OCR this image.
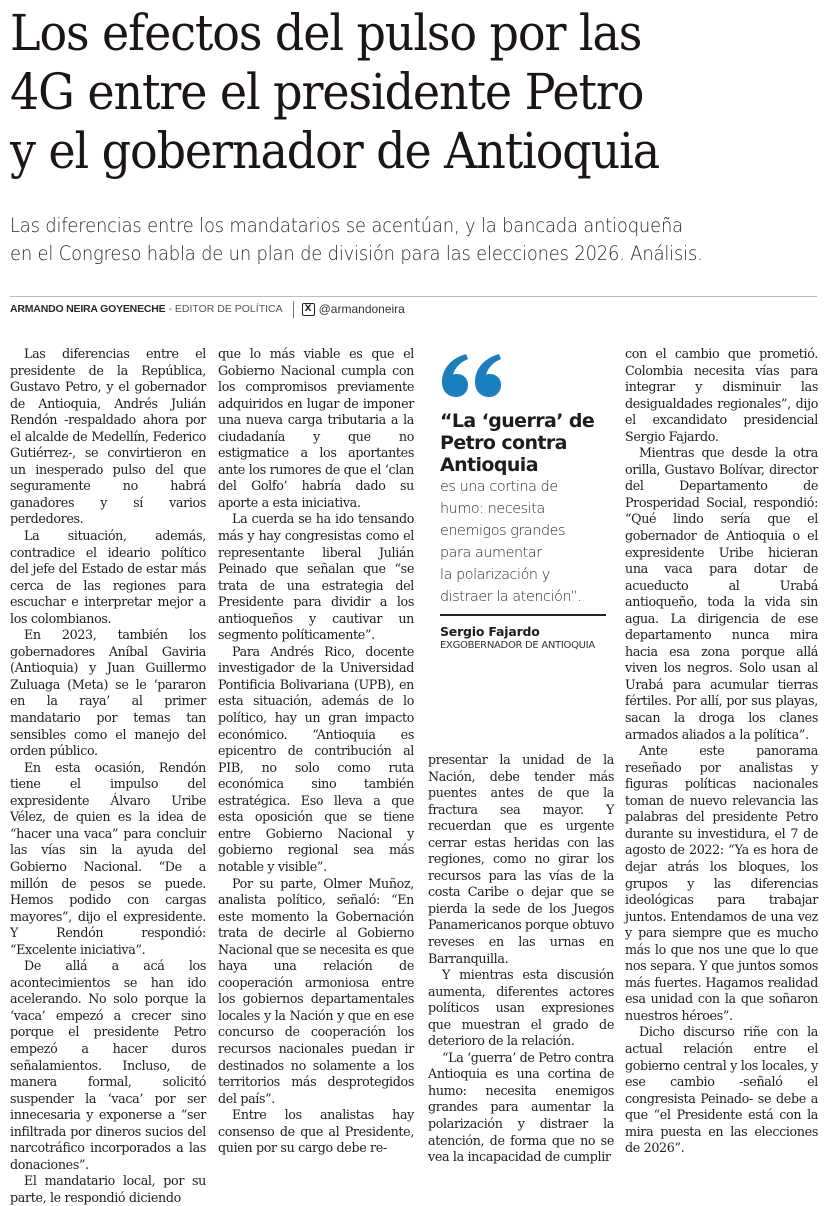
Los efectos del pulso por las
4G entre el presidente Petro
y el gobernador de Antioquia
Las diferencias entre los mandatarios se acentúan, y la bancada antioqueña
en el Congreso habla de un plan de división para las elecciones 2026. Análisis.
ARMANDO NEIRA GOYENECHE - EDITOR DE POLÍTICA	X @armandoneira

Las diferencias entre el presidente de la República, Gustavo Petro, y el gobernador de Antioquia, Andrés Julián Rendón -respaldado ahora por el alcalde de Medellín, Federico Gutiérrez-, se convirtieron en un inesperado pulso del que seguramente no habrá ganadores y sí varios perdedores.

La situación, además, contradice el ideario político del jefe del Estado de estar más cerca de las regiones para escuchar e interpretar mejor a los colombianos.

En 2023, también los gobernadores Aníbal Gaviria (Antioquia) y Juan Guillermo Zuluaga (Meta) se le ‘pararon en la raya’ al primer mandatario por temas tan sensibles como el manejo del orden público.

En esta ocasión, Rendón tiene el impulso del expresidente Álvaro Uribe Vélez, de quien es la idea de “hacer una vaca” para concluir las vías sin la ayuda del Gobierno Nacional. “De a millón de pesos se puede. Hemos podido con cargas mayores”, dijo el expresidente. Y Rendón respondió: “Excelente iniciativa”.

De allá a acá los acontecimientos se han ido acelerando. No solo porque la ‘vaca’ empezó a crecer sino porque el presidente Petro empezó a hacer duros señalamientos. Incluso, de manera formal, solicitó suspender la ‘vaca’ por ser innecesaria y exponerse a “ser infiltrada por dineros sucios del narcotráfico incorporados a las donaciones”.

El mandatario local, por su parte, le respondió diciendo

que lo más viable es que el Gobierno Nacional cumpla con los compromisos previamente adquiridos en lugar de imponer una nueva carga tributaria a la ciudadanía y que no estigmatice a los aportantes ante los rumores de que el ‘clan del Golfo’ habría dado su aporte a esta iniciativa.

La cuerda se ha ido tensando más y hay congresistas como el representante liberal Julián Peinado que señalan que “se trata de una estrategia del Presidente para dividir a los antioqueños y cautivar un segmento políticamente”.

Para Andrés Rico, docente investigador de la Universidad Pontificia Bolivariana (UPB), en esta situación, además de lo político, hay un gran impacto económico. “Antioquia es epicentro de contribución al PIB, no solo como ruta económica sino también estratégica. Eso lleva a que esta oposición que se tiene entre Gobierno Nacional y gobierno regional sea más notable y visible”.

Por su parte, Olmer Muñoz, analista político, señaló: “En este momento la Gobernación trata de decirle al Gobierno Nacional que se necesita es que haya una relación de cooperación armoniosa entre los gobiernos departamentales locales y la Nación y que en ese concurso de cooperación los recursos nacionales puedan ir destinados no solamente a los territorios más desprotegidos del país”.

Entre los analistas hay consenso de que al Presidente, quien por su cargo debe re-

“La ‘guerra’ de
Petro contra
Antioquia
es una cortina de
humo: necesita
enemigos grandes
para aumentar
la polarización y
distraer la atención”.
Sergio Fajardo
EXGOBERNADOR DE ANTIOQUIA

presentar la unidad de la Nación, debe tender más puentes antes de que la fractura sea mayor. Y recuerdan que es urgente cerrar estas heridas con las regiones, como no girar los recursos para las vías de la costa Caribe o dejar que se pierda la sede de los Juegos Panamericanos porque obtuvo reveses en las urnas en Barranquilla.

Y mientras esta discusión aumenta, diferentes actores políticos usan expresiones que muestran el grado de deterioro de la relación.

“La ‘guerra’ de Petro contra Antioquia es una cortina de humo: necesita enemigos grandes para aumentar la polarización y distraer la atención, de forma que no se vea la incapacidad de cumplir

con el cambio que prometió. Colombia necesita vías para integrar y disminuir las desigualdades regionales”, dijo el excandidato presidencial Sergio Fajardo.

Mientras que desde la otra orilla, Gustavo Bolívar, director del Departamento de Prosperidad Social, respondió: “Qué lindo sería que el gobernador de Antioquia o el expresidente Uribe hicieran una vaca para dotar de acueducto al Urabá antioqueño, toda la vida sin agua. La dirigencia de ese departamento nunca mira hacia esa zona porque allá viven los negros. Solo usan al Urabá para acumular tierras fértiles. Por allí, por sus playas, sacan la droga los clanes armados aliados a la política”.

Ante este panorama reseñado por analistas y figuras políticas nacionales toman de nuevo relevancia las palabras del presidente Petro durante su investidura, el 7 de agosto de 2022: “Ya es hora de dejar atrás los bloques, los grupos y las diferencias ideológicas para trabajar juntos. Entendamos de una vez y para siempre que es mucho más lo que nos une que lo que nos separa. Y que juntos somos más fuertes. Hagamos realidad esa unidad con la que soñaron nuestros héroes”.

Dicho discurso riñe con la actual relación entre el gobierno central y los locales, y ese cambio -señaló el congresista Peinado- se debe a que “el Presidente está con la mira puesta en las elecciones de 2026”.
